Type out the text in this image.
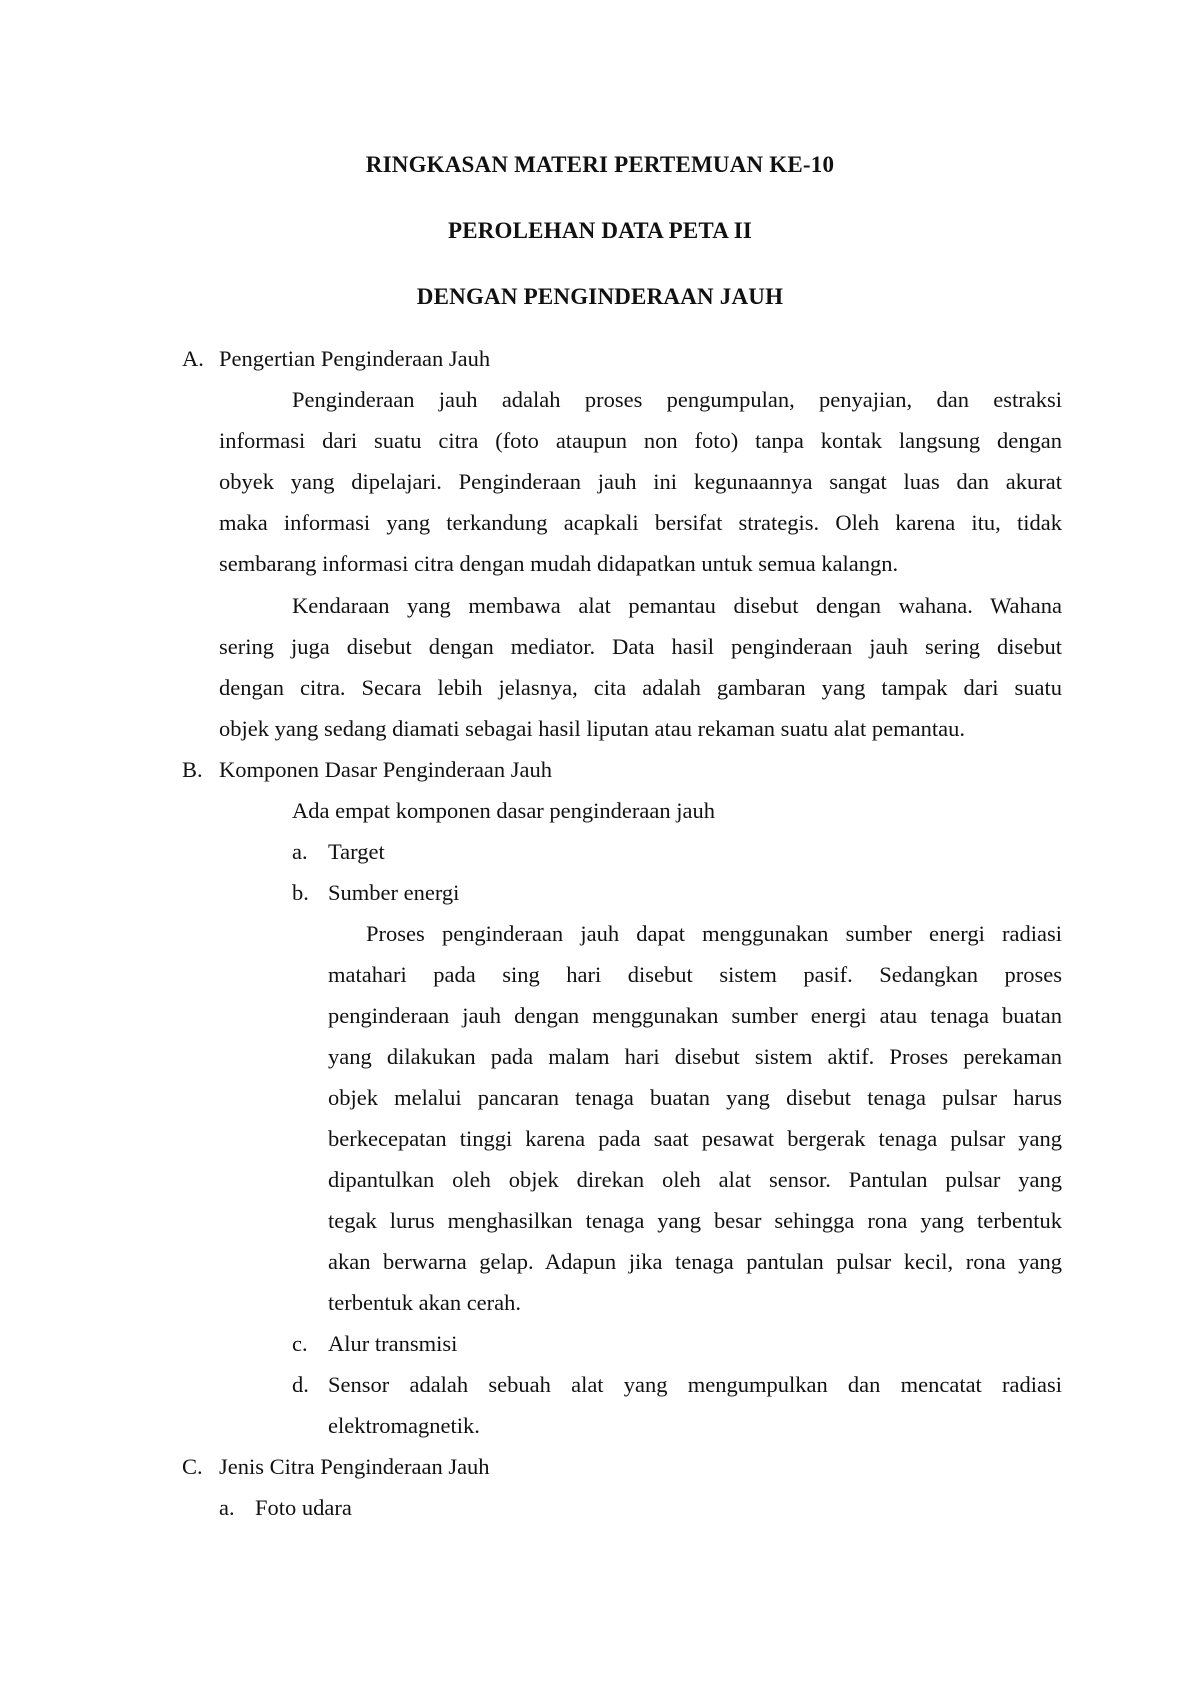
RINGKASAN MATERI PERTEMUAN KE-10
PEROLEHAN DATA PETA II
DENGAN PENGINDERAAN JAUH
A. Pengertian Penginderaan Jauh
Penginderaan jauh adalah proses pengumpulan, penyajian, dan estraksi
informasi dari suatu citra (foto ataupun non foto) tanpa kontak langsung dengan
obyek yang dipelajari. Penginderaan jauh ini kegunaannya sangat luas dan akurat
maka informasi yang terkandung acapkali bersifat strategis. Oleh karena itu, tidak
sembarang informasi citra dengan mudah didapatkan untuk semua kalangn.
Kendaraan yang membawa alat pemantau disebut dengan wahana. Wahana
sering juga disebut dengan mediator. Data hasil penginderaan jauh sering disebut
dengan citra. Secara lebih jelasnya, cita adalah gambaran yang tampak dari suatu
objek yang sedang diamati sebagai hasil liputan atau rekaman suatu alat pemantau.
B. Komponen Dasar Penginderaan Jauh
Ada empat komponen dasar penginderaan jauh
a. Target
b. Sumber energi
Proses penginderaan jauh dapat menggunakan sumber energi radiasi
matahari pada sing hari disebut sistem pasif. Sedangkan proses
penginderaan jauh dengan menggunakan sumber energi atau tenaga buatan
yang dilakukan pada malam hari disebut sistem aktif. Proses perekaman
objek melalui pancaran tenaga buatan yang disebut tenaga pulsar harus
berkecepatan tinggi karena pada saat pesawat bergerak tenaga pulsar yang
dipantulkan oleh objek direkan oleh alat sensor. Pantulan pulsar yang
tegak lurus menghasilkan tenaga yang besar sehingga rona yang terbentuk
akan berwarna gelap. Adapun jika tenaga pantulan pulsar kecil, rona yang
terbentuk akan cerah.
c. Alur transmisi
d. Sensor adalah sebuah alat yang mengumpulkan dan mencatat radiasi
elektromagnetik.
C. Jenis Citra Penginderaan Jauh
a. Foto udara
